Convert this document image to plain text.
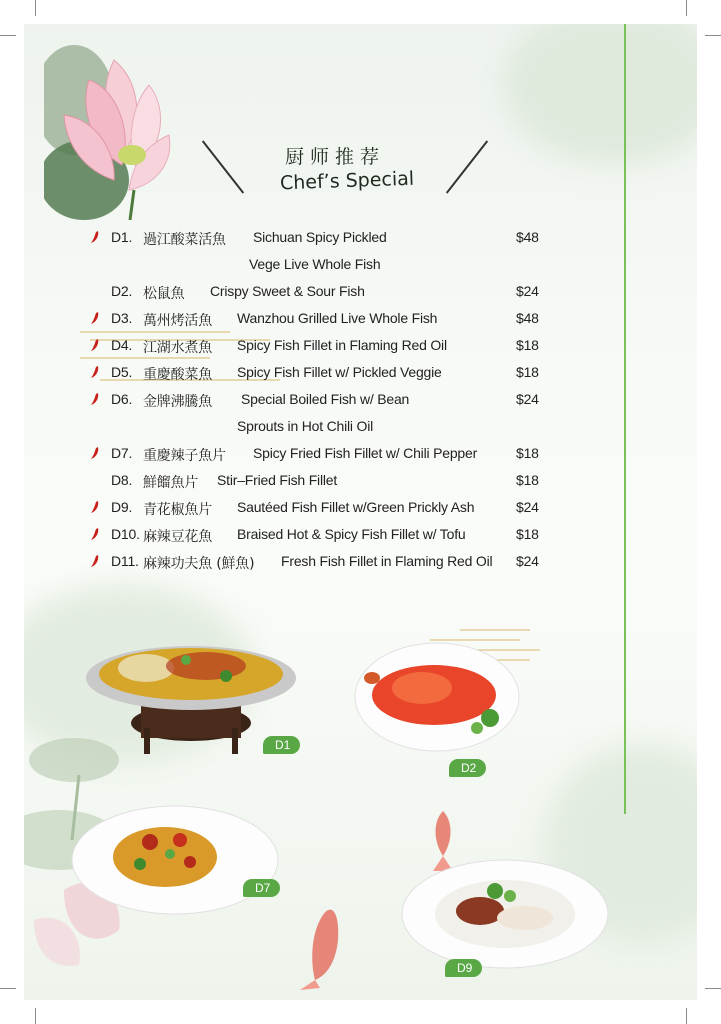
厨师推荐
Chef’s Special
D1. 過江酸菜活魚 Sichuan Spicy Pickled	$48
Vege Live Whole Fish
D2. 松鼠魚 Crispy Sweet & Sour Fish	$24
D3. 萬州烤活魚 Wanzhou Grilled Live Whole Fish	$48
D4. 江湖水煮魚 Spicy Fish Fillet in Flaming Red Oil	$18
D5. 重慶酸菜魚 Spicy Fish Fillet w/ Pickled Veggie	$18
D6. 金牌沸騰魚 Special Boiled Fish w/ Bean	$24
Sprouts in Hot Chili Oil
D7. 重慶辣子魚片 Spicy Fried Fish Fillet w/ Chili Pepper	$18
D8. 鮮餾魚片 Stir–Fried Fish Fillet	$18
D9. 青花椒魚片 Sautéed Fish Fillet w/Green Prickly Ash	$24
D10. 麻辣豆花魚 Braised Hot & Spicy Fish Fillet w/ Tofu	$18
D11. 麻辣功夫魚 (鮮魚) Fresh Fish Fillet in Flaming Red Oil $24
D1
D2
D7
D9
